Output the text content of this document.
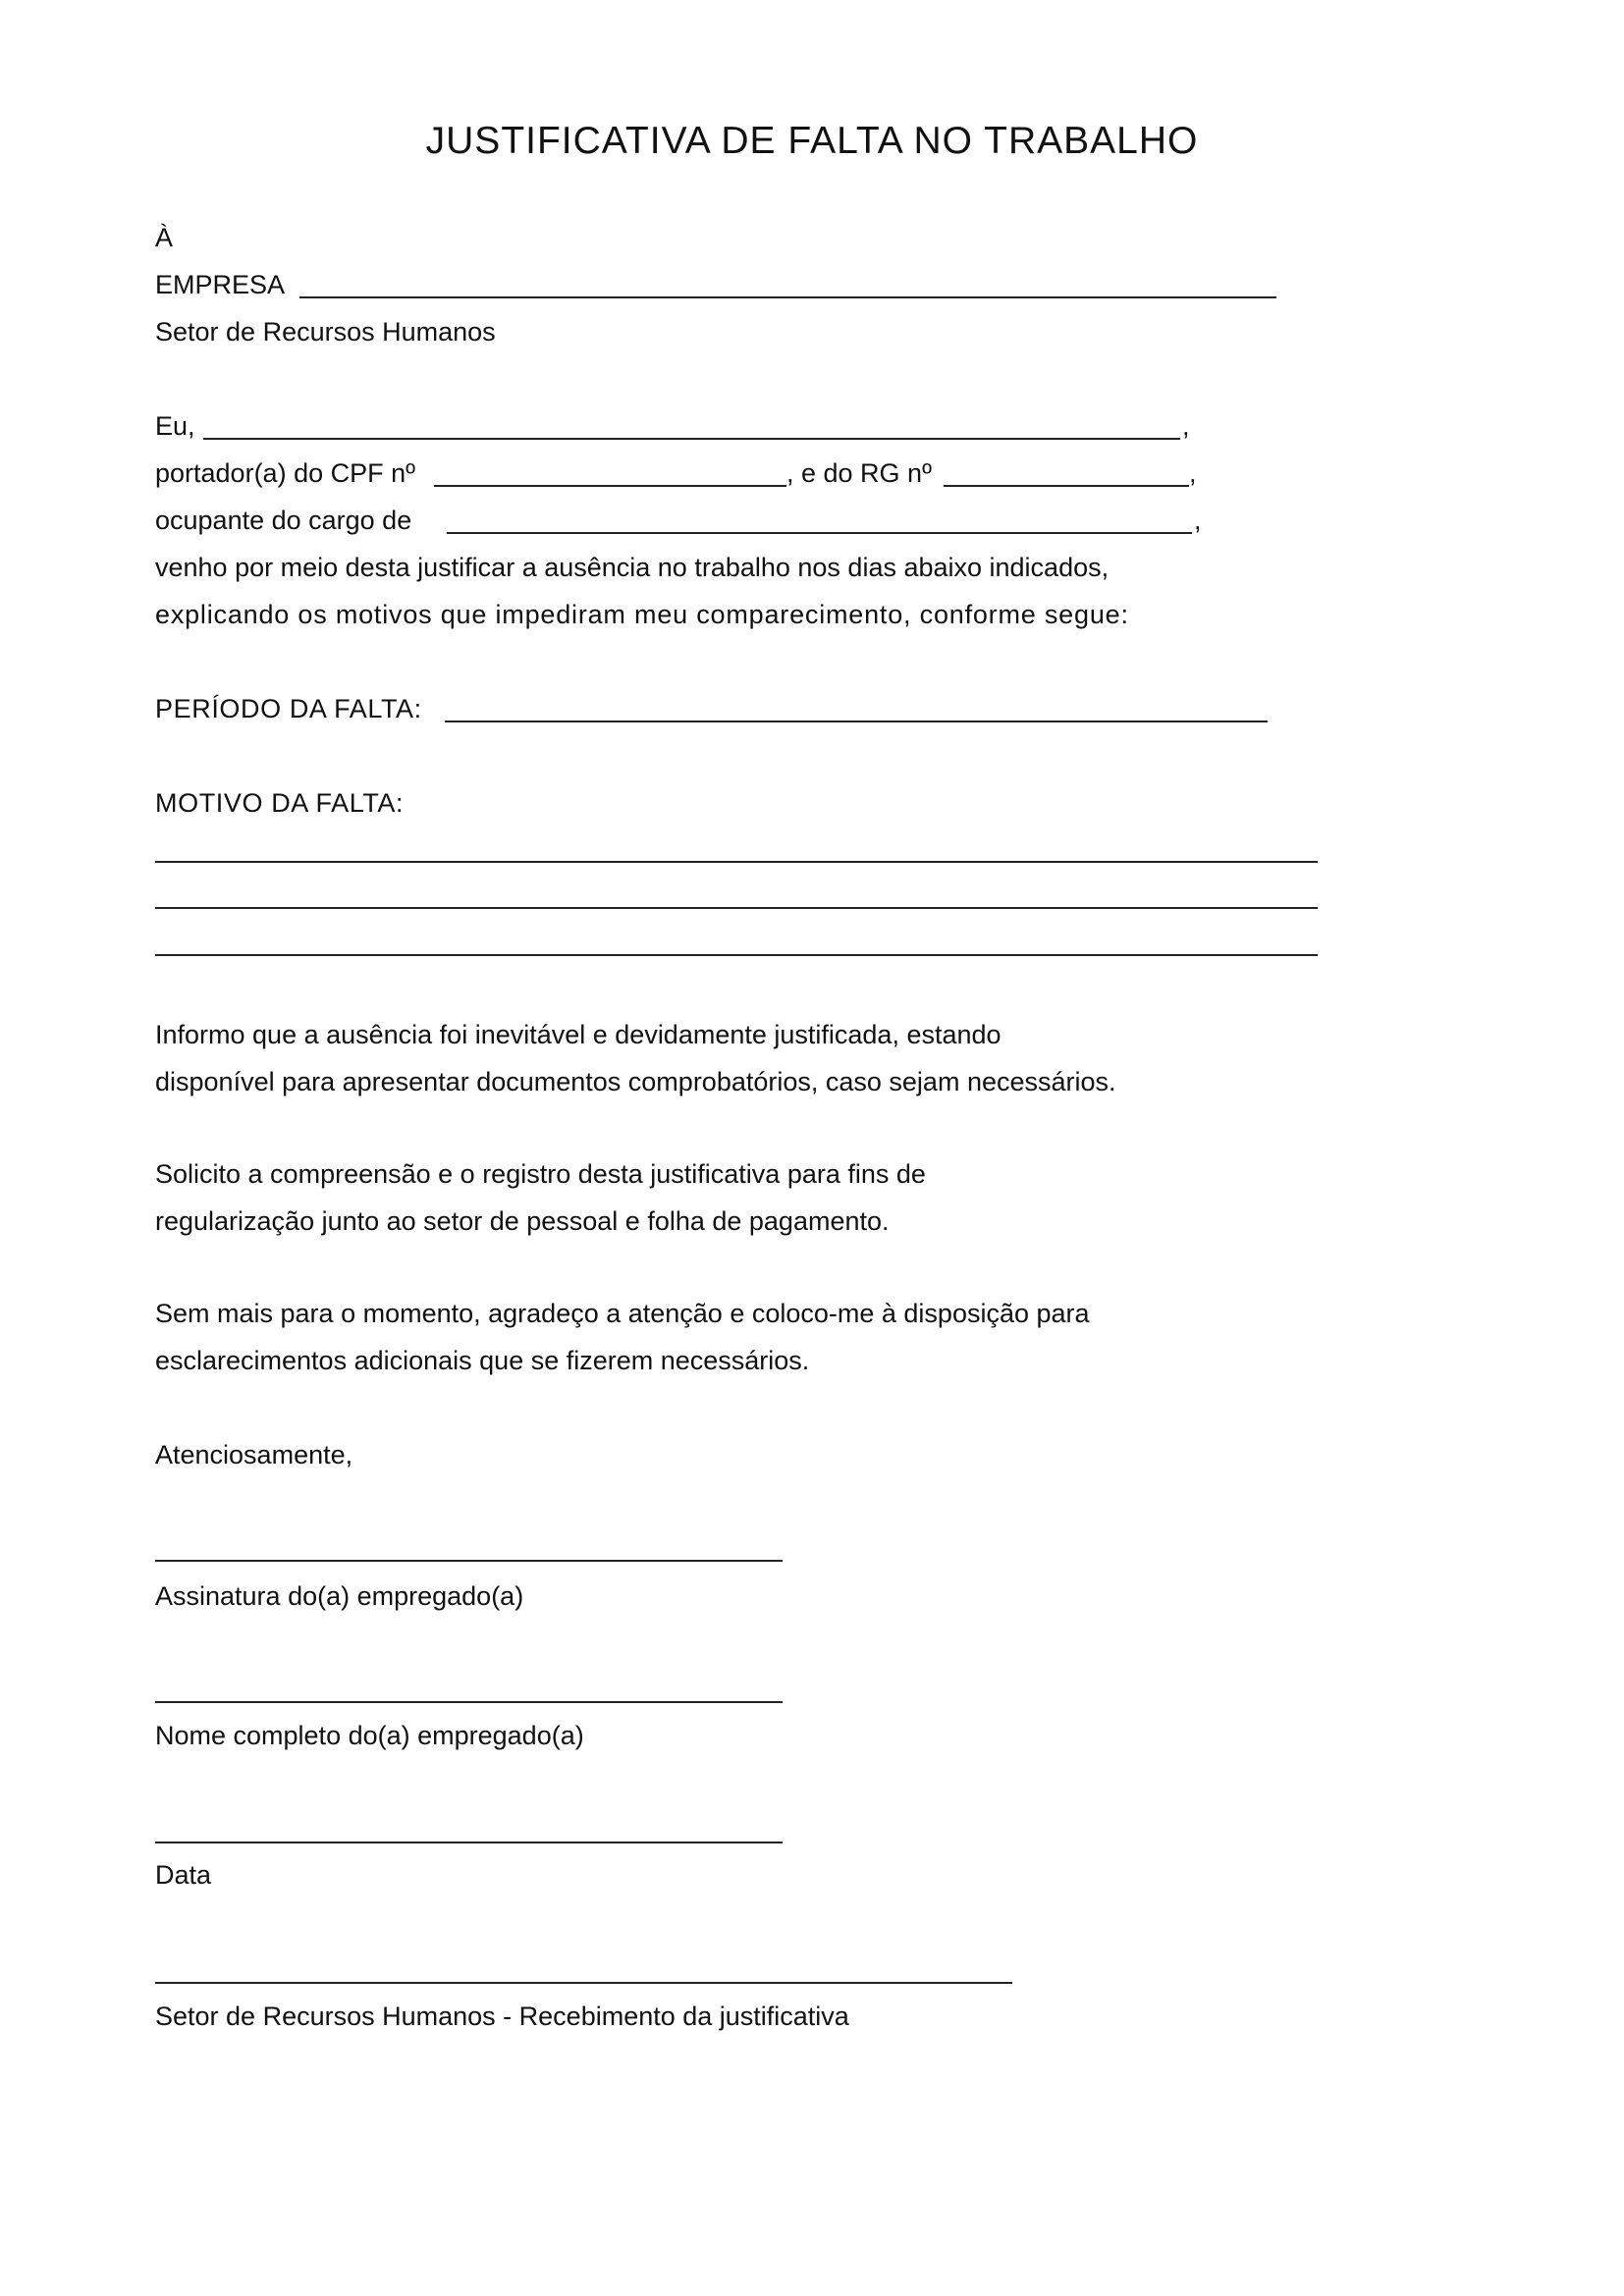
JUSTIFICATIVA DE FALTA NO TRABALHO
À
EMPRESA
Setor de Recursos Humanos
Eu,	,
portador(a) do CPF nº	, e do RG nº	,
ocupante do cargo de	,
venho por meio desta justificar a ausência no trabalho nos dias abaixo indicados,
explicando os motivos que impediram meu comparecimento, conforme segue:
PERÍODO DA FALTA:
MOTIVO DA FALTA:
Informo que a ausência foi inevitável e devidamente justificada, estando
disponível para apresentar documentos comprobatórios, caso sejam necessários.
Solicito a compreensão e o registro desta justificativa para fins de
regularização junto ao setor de pessoal e folha de pagamento.
Sem mais para o momento, agradeço a atenção e coloco-me à disposição para
esclarecimentos adicionais que se fizerem necessários.
Atenciosamente,
Assinatura do(a) empregado(a)
Nome completo do(a) empregado(a)
Data
Setor de Recursos Humanos - Recebimento da justificativa
